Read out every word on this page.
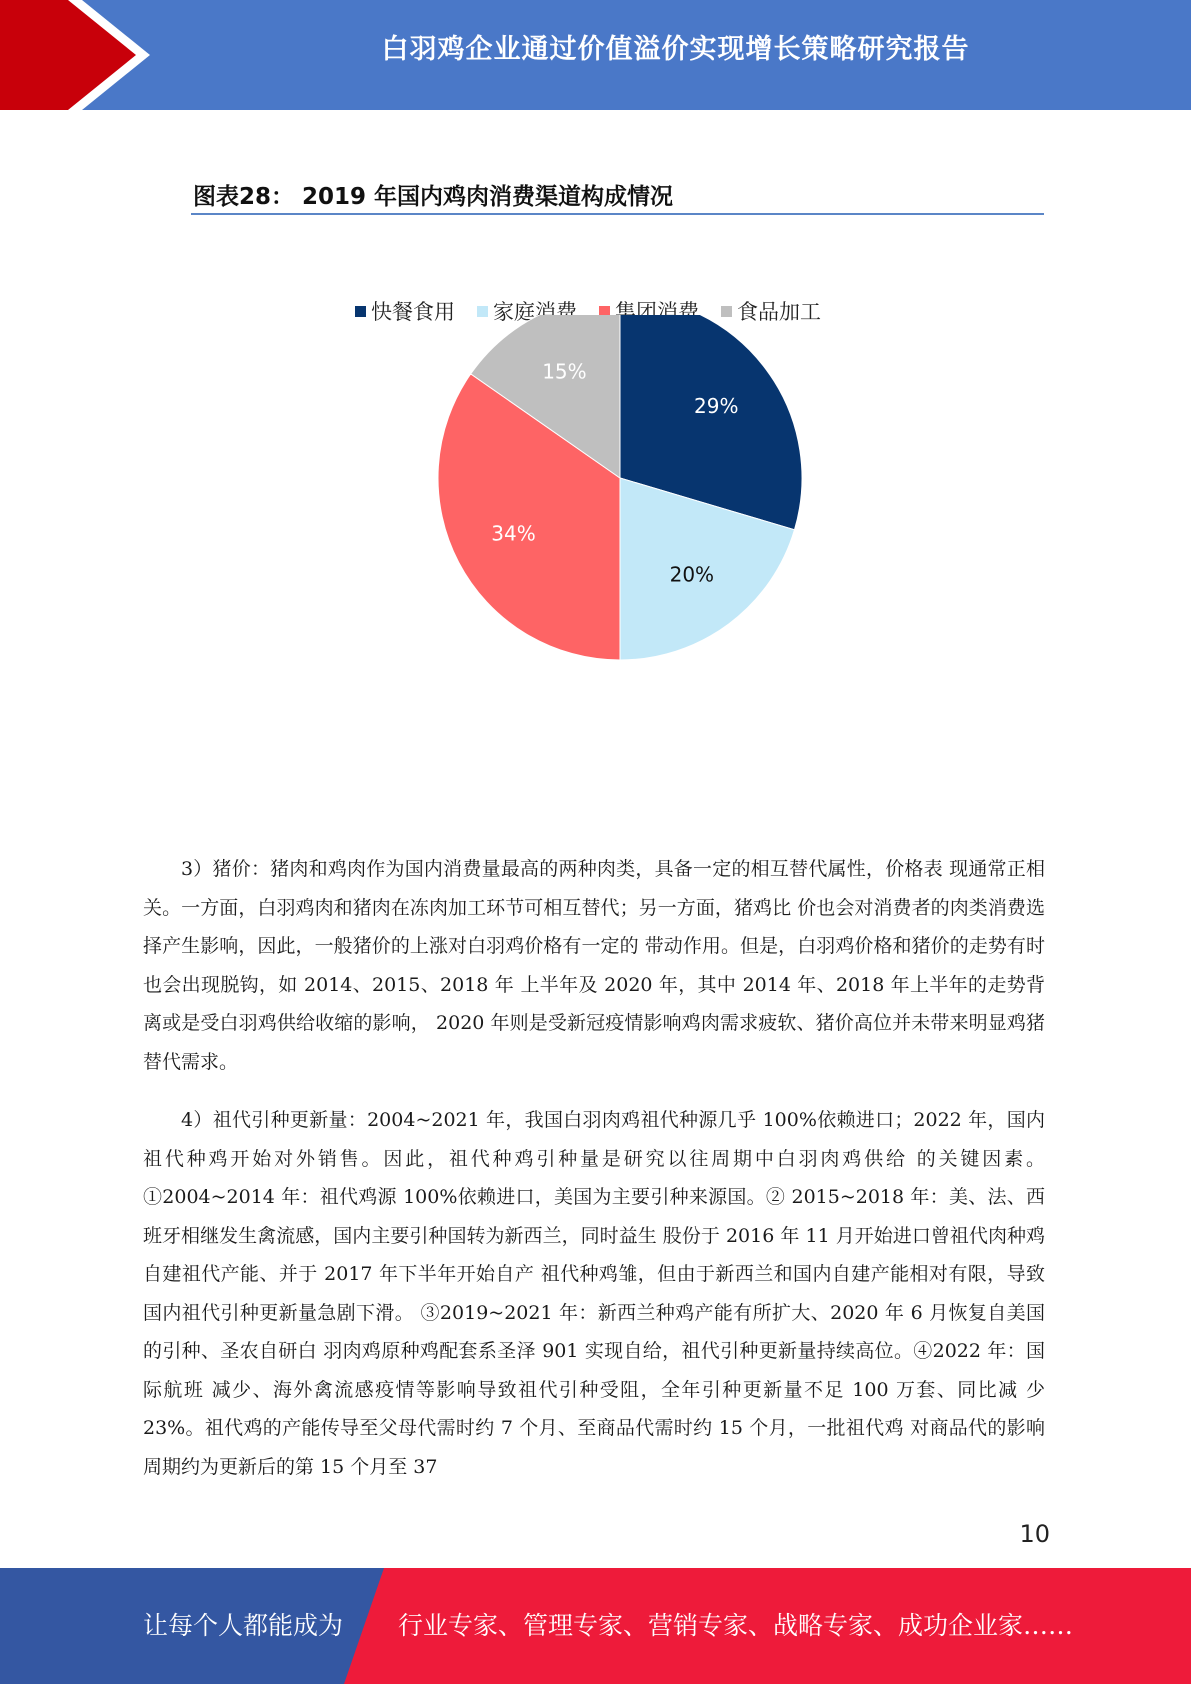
白羽鸡企业通过价值溢价实现增长策略研究报告
图表28： 2019 年国内鸡肉消费渠道构成情况
快餐食用 家庭消费 集团消费 食品加工
29%
20%
34%
15%

3）猪价：猪肉和鸡肉作为国内消费量最高的两种肉类，具备一定的相互替代属性，价格表 现通常正相关。一方面，白羽鸡肉和猪肉在冻肉加工环节可相互替代；另一方面，猪鸡比 价也会对消费者的肉类消费选择产生影响，因此，一般猪价的上涨对白羽鸡价格有一定的 带动作用。但是，白羽鸡价格和猪价的走势有时也会出现脱钩，如 2014、2015、2018 年 上半年及 2020 年，其中 2014 年、2018 年上半年的走势背离或是受白羽鸡供给收缩的影响， 2020 年则是受新冠疫情影响鸡肉需求疲软、猪价高位并未带来明显鸡猪替代需求。

4）祖代引种更新量：2004~2021 年，我国白羽肉鸡祖代种源几乎 100%依赖进口；2022 年，国内祖代种鸡开始对外销售。因此，祖代种鸡引种量是研究以往周期中白羽肉鸡供给 的关键因素。①2004~2014 年：祖代鸡源 100%依赖进口，美国为主要引种来源国。② 2015~2018 年：美、法、西班牙相继发生禽流感，国内主要引种国转为新西兰，同时益生 股份于 2016 年 11 月开始进口曾祖代肉种鸡自建祖代产能、并于 2017 年下半年开始自产 祖代种鸡雏，但由于新西兰和国内自建产能相对有限，导致国内祖代引种更新量急剧下滑。 ③2019~2021 年：新西兰种鸡产能有所扩大、2020 年 6 月恢复自美国的引种、圣农自研白 羽肉鸡原种鸡配套系圣泽 901 实现自给，祖代引种更新量持续高位。④2022 年：国际航班 减少、海外禽流感疫情等影响导致祖代引种受阻，全年引种更新量不足 100 万套、同比减 少 23%。祖代鸡的产能传导至父母代需时约 7 个月、至商品代需时约 15 个月，一批祖代鸡 对商品代的影响周期约为更新后的第 15 个月至 37

10
让每个人都能成为 行业专家、管理专家、营销专家、战略专家、成功企业家……
